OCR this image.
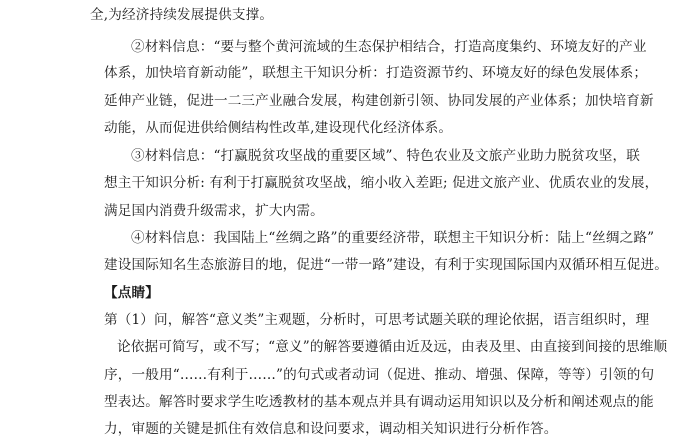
全,为经济持续发展提供支撑。
②材料信息：“要与整个黄河流域的生态保护相结合，打造高度集约、环境友好的产业
体系，加快培育新动能”，联想主干知识分析：打造资源节约、环境友好的绿色发展体系；
延伸产业链，促进一二三产业融合发展，构建创新引领、协同发展的产业体系；加快培育新
动能，从而促进供给侧结构性改革,建设现代化经济体系。
③材料信息：“打赢脱贫攻坚战的重要区域”、特色农业及文旅产业助力脱贫攻坚，联
想主干知识分析: 有利于打赢脱贫攻坚战，缩小收入差距; 促进文旅产业、优质农业的发展，
满足国内消费升级需求，扩大内需。
④材料信息：我国陆上“丝绸之路”的重要经济带，联想主干知识分析：陆上“丝绸之路”
建设国际知名生态旅游目的地，促进“一带一路”建设，有利于实现国际国内双循环相互促进。
【点睛】
第（1）问，解答“意义类”主观题，分析时，可思考试题关联的理论依据，语言组织时，理
论依据可简写，或不写；“意义”的解答要遵循由近及远，由表及里、由直接到间接的思维顺
序，一般用“……有利于……”的句式或者动词（促进、推动、增强、保障，等等）引领的句
型表达。解答时要求学生吃透教材的基本观点并具有调动运用知识以及分析和阐述观点的能
力，审题的关键是抓住有效信息和设问要求，调动相关知识进行分析作答。
